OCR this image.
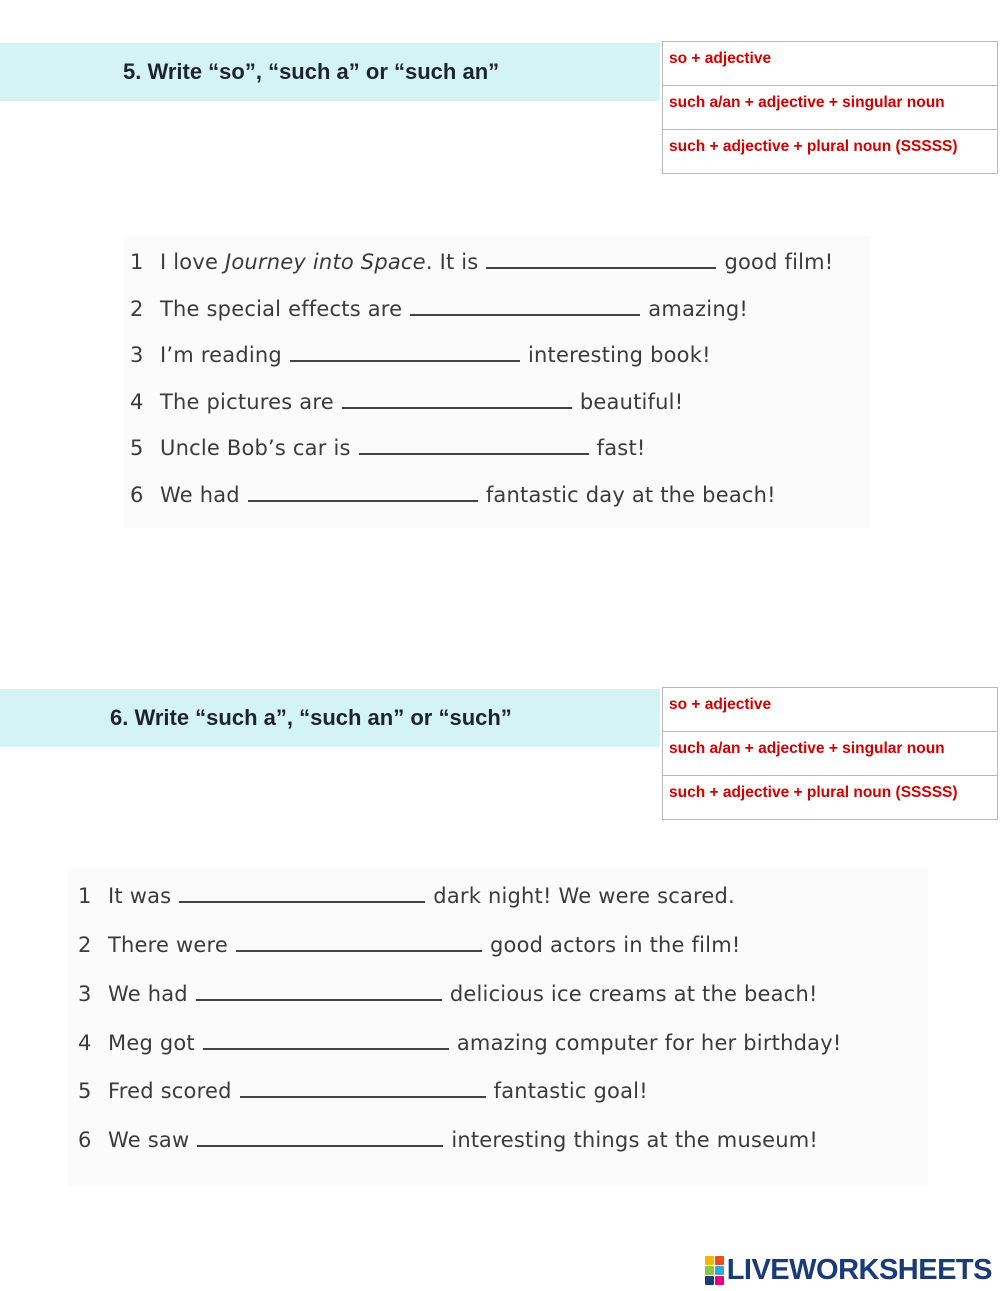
5. Write “so”, “such a” or “such an”
so + adjective
such a/an + adjective + singular noun
such + adjective + plural noun (SSSSS)
1 I love Journey into Space. It is	good film!
2 The special effects are	amazing!
3 I’m reading	interesting book!
4 The pictures are	beautiful!
5 Uncle Bob’s car is	fast!
6 We had	fantastic day at the beach!
6. Write “such a”, “such an” or “such”
so + adjective
such a/an + adjective + singular noun
such + adjective + plural noun (SSSSS)
1 It was	dark night! We were scared.
2 There were	good actors in the film!
3 We had	delicious ice creams at the beach!
4 Meg got	amazing computer for her birthday!
5 Fred scored	fantastic goal!
6 We saw	interesting things at the museum!
LIVEWORKSHEETS
